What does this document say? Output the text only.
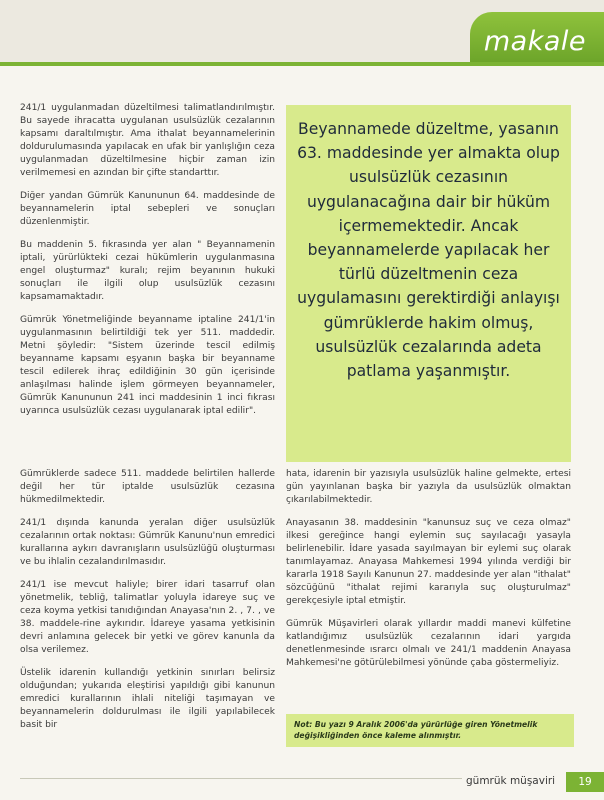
makale

241/1 uygulanmadan düzeltilmesi talimatlandırılmıştır. Bu sayede ihracatta uygulanan usulsüzlük cezalarının kapsamı daraltılmıştır. Ama ithalat beyannamelerinin doldurulumasında yapılacak en ufak bir yanlışlığın ceza uygulanmadan düzeltilmesine hiçbir zaman izin verilmemesi en azından bir çifte standarttır.

Diğer yandan Gümrük Kanununun 64. maddesinde de beyannamelerin iptal sebepleri ve sonuçları düzenlenmiştir.

Bu maddenin 5. fıkrasında yer alan " Beyannamenin iptali, yürürlükteki cezai hükümlerin uygulanmasına engel oluşturmaz" kuralı; rejim beyanının hukuki sonuçları ile ilgili olup usulsüzlük cezasını kapsamamaktadır.

Gümrük Yönetmeliğinde beyanname iptaline 241/1'in uygulanmasının belirtildiği tek yer 511. maddedir. Metni şöyledir: "Sistem üzerinde tescil edilmiş beyanname kapsamı eşyanın başka bir beyanname tescil edilerek ihraç edildiğinin 30 gün içerisinde anlaşılması halinde işlem görmeyen beyannameler, Gümrük Kanununun 241 inci maddesinin 1 inci fıkrası uyarınca usulsüzlük cezası uygulanarak iptal edilir".

Beyannamede düzeltme, yasanın 63. maddesinde yer almakta olup usulsüzlük cezasının uygulanacağına dair bir hüküm içermemektedir. Ancak beyannamelerde yapılacak her türlü düzeltmenin ceza uygulamasını gerektirdiği anlayışı gümrüklerde hakim olmuş, usulsüzlük cezalarında adeta patlama yaşanmıştır.

Gümrüklerde sadece 511. maddede belirtilen hallerde değil her tür iptalde usulsüzlük cezasına hükmedilmektedir.

241/1 dışında kanunda yeralan diğer usulsüzlük cezalarının ortak noktası: Gümrük Kanunu'nun emredici kurallarına aykırı davranışların usulsüzlüğü oluşturması ve bu ihlalin cezalandırılmasıdır.

241/1 ise mevcut haliyle; birer idari tasarruf olan yönetmelik, tebliğ, talimatlar yoluyla idareye suç ve ceza koyma yetkisi tanıdığından Anayasa'nın 2. , 7. , ve 38. maddele-rine aykırıdır. İdareye yasama yetkisinin devri anlamına gelecek bir yetki ve görev kanunla da olsa verilemez.

Üstelik idarenin kullandığı yetkinin sınırları belirsiz olduğundan; yukarıda eleştirisi yapıldığı gibi kanunun emredici kurallarının ihlali niteliği taşımayan ve beyannamelerin doldurulması ile ilgili yapılabilecek basit bir

hata, idarenin bir yazısıyla usulsüzlük haline gelmekte, ertesi gün yayınlanan başka bir yazıyla da usulsüzlük olmaktan çıkarılabilmektedir.

Anayasanın 38. maddesinin "kanunsuz suç ve ceza olmaz" ilkesi gereğince hangi eylemin suç sayılacağı yasayla belirlenebilir. İdare yasada sayılmayan bir eylemi suç olarak tanımlayamaz. Anayasa Mahkemesi 1994 yılında verdiği bir kararla 1918 Sayılı Kanunun 27. maddesinde yer alan "ithalat" sözcüğünü "ithalat rejimi kararıyla suç oluşturulmaz" gerekçesiyle iptal etmiştir.

Gümrük Müşavirleri olarak yıllardır maddi manevi külfetine katlandığımız usulsüzlük cezalarının idari yargıda denetlenmesinde ısrarcı olmalı ve 241/1 maddenin Anayasa Mahkemesi'ne götürülebilmesi yönünde çaba göstermeliyiz.

Not: Bu yazı 9 Aralık 2006'da yürürlüğe giren Yönetmelik değişikliğinden önce kaleme alınmıştır.
gümrük müşaviri	19
